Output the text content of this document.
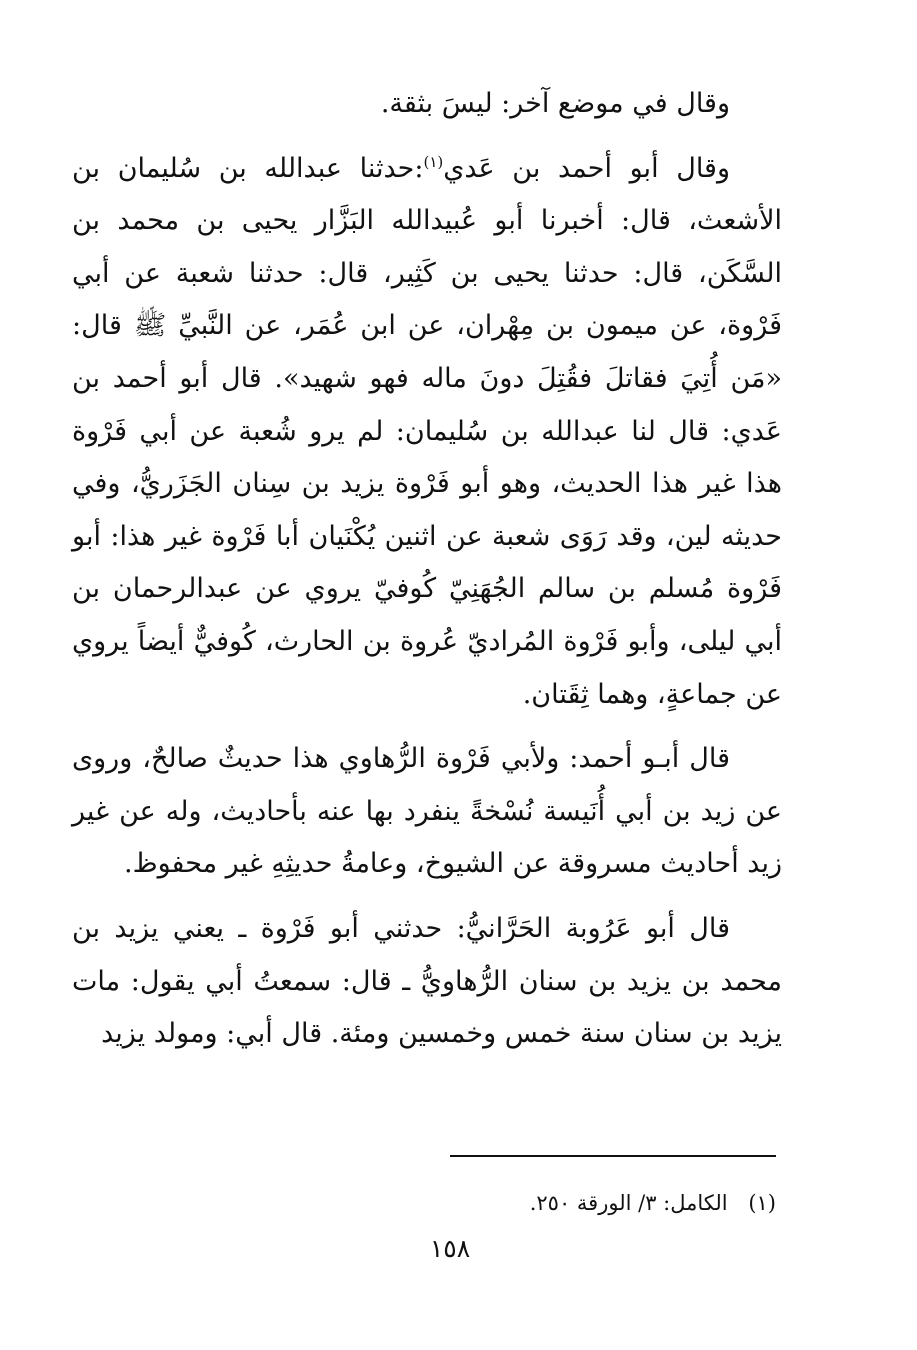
وقال في موضع آخر: ليسَ بثقة.

وقال أبو أحمد بن عَدي$^{(١)}$:حدثنا عبدالله بن سُليمان بن الأشعث، قال: أخبرنا أبو عُبيدالله البَزَّار يحيى بن محمد بن السَّكَن، قال: حدثنا يحيى بن كَثِير، قال: حدثنا شعبة عن أبي فَرْوة، عن ميمون بن مِهْران، عن ابن عُمَر، عن النَّبيِّ ﷺ قال: «مَن أُتِيَ فقاتلَ فقُتِلَ دونَ ماله فهو شهيد». قال أبو أحمد بن عَدي: قال لنا عبدالله بن سُليمان: لم يرو شُعبة عن أبي فَرْوة هذا غير هذا الحديث، وهو أبو فَرْوة يزيد بن سِنان الجَزَريُّ، وفي حديثه لين، وقد رَوَى شعبة عن اثنين يُكْنَيان أبا فَرْوة غير هذا: أبو فَرْوة مُسلم بن سالم الجُهَنِيّ كُوفيّ يروي عن عبدالرحمان بن أبي ليلى، وأبو فَرْوة المُراديّ عُروة بن الحارث، كُوفيٌّ أيضاً يروي عن جماعةٍ، وهما ثِقَتان.

قال أبـو أحمد: ولأبي فَرْوة الرُّهاوي هذا حديثٌ صالحٌ، وروى عن زيد بن أبي أُنَيسة نُسْخةً ينفرد بها عنه بأحاديث، وله عن غير زيد أحاديث مسروقة عن الشيوخ، وعامةُ حديثِهِ غير محفوظ.

قال أبو عَرُوبة الحَرَّانيُّ: حدثني أبو فَرْوة ـ يعني يزيد بن محمد بن يزيد بن سنان الرُّهاويُّ ـ قال: سمعتُ أبي يقول: مات يزيد بن سنان سنة خمس وخمسين ومئة. قال أبي: ومولد يزيد

(١) الكامل: ٣/ الورقة ٢٥٠.
١٥٨
